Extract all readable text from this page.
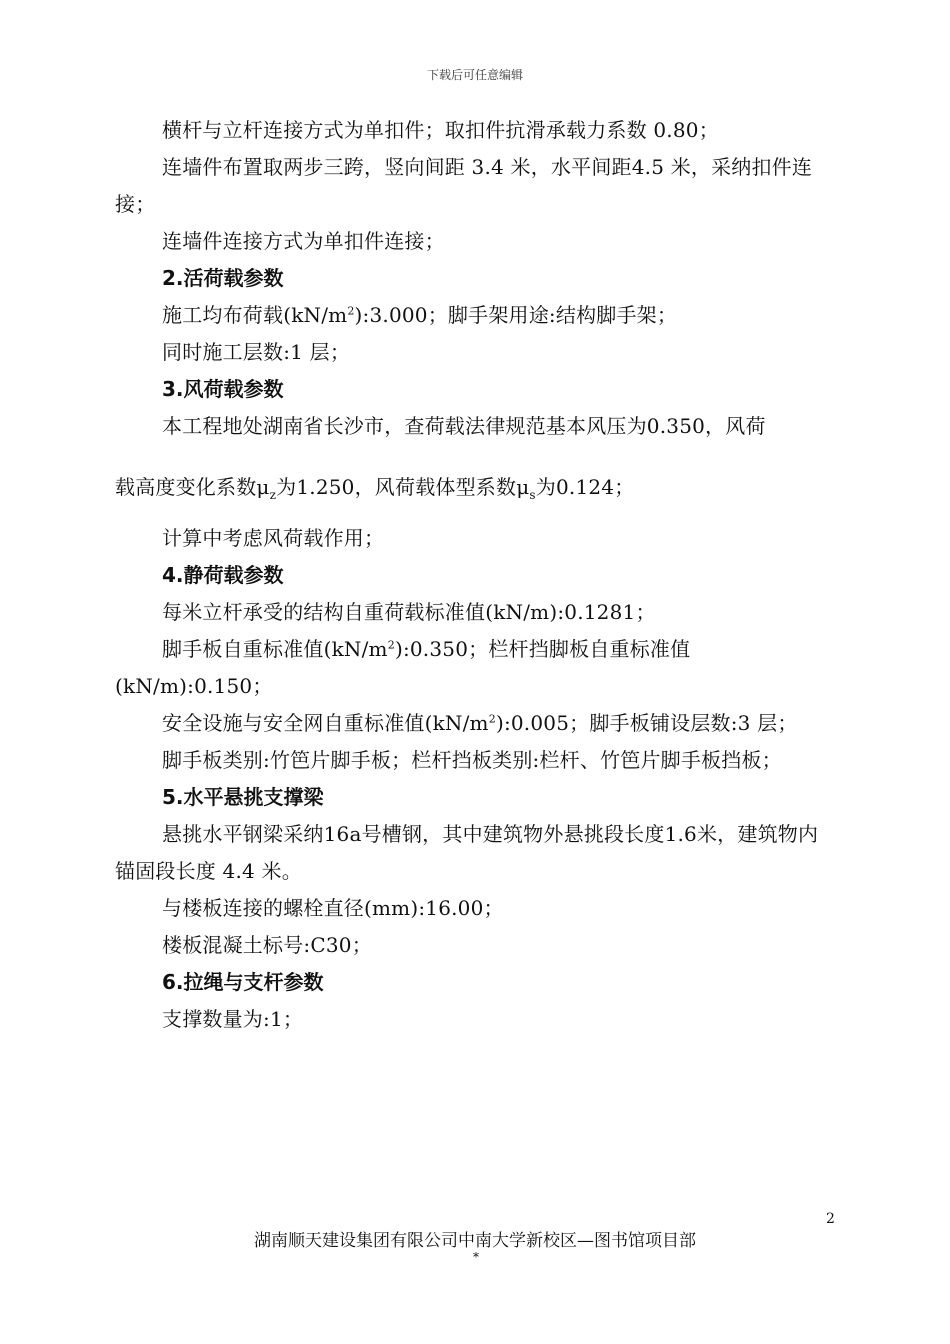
下载后可任意编辑

横杆与立杆连接方式为单扣件；取扣件抗滑承载力系数 0.80；

连墙件布置取两步三跨，竖向间距 3.4 米，水平间距4.5 米，采纳扣件连接；

连墙件连接方式为单扣件连接；

2.活荷载参数

施工均布荷载$(kN/m^2):3.000$；脚手架用途:结构脚手架；

同时施工层数:1 层；

3.风荷载参数

本工程地处湖南省长沙市，查荷载法律规范基本风压为0.350，风荷

载高度变化系数$\mu_z$为1.250，风荷载体型系数$\mu_s$为0.124；

计算中考虑风荷载作用；

4.静荷载参数

每米立杆承受的结构自重荷载标准值(kN/m):0.1281；

脚手板自重标准值$(kN/m^2):0.350$；栏杆挡脚板自重标准值(kN/m):0.150；

安全设施与安全网自重标准值$(kN/m^2):0.005$；脚手板铺设层数:3 层；

脚手板类别:竹笆片脚手板；栏杆挡板类别:栏杆、竹笆片脚手板挡板；

5.水平悬挑支撑梁

悬挑水平钢梁采纳16a号槽钢，其中建筑物外悬挑段长度1.6米，建筑物内锚固段长度 4.4 米。

与楼板连接的螺栓直径(mm):16.00；

楼板混凝土标号:C30；

6.拉绳与支杆参数

支撑数量为:1；

2
湖南顺天建设集团有限公司中南大学新校区—图书馆项目部
*
